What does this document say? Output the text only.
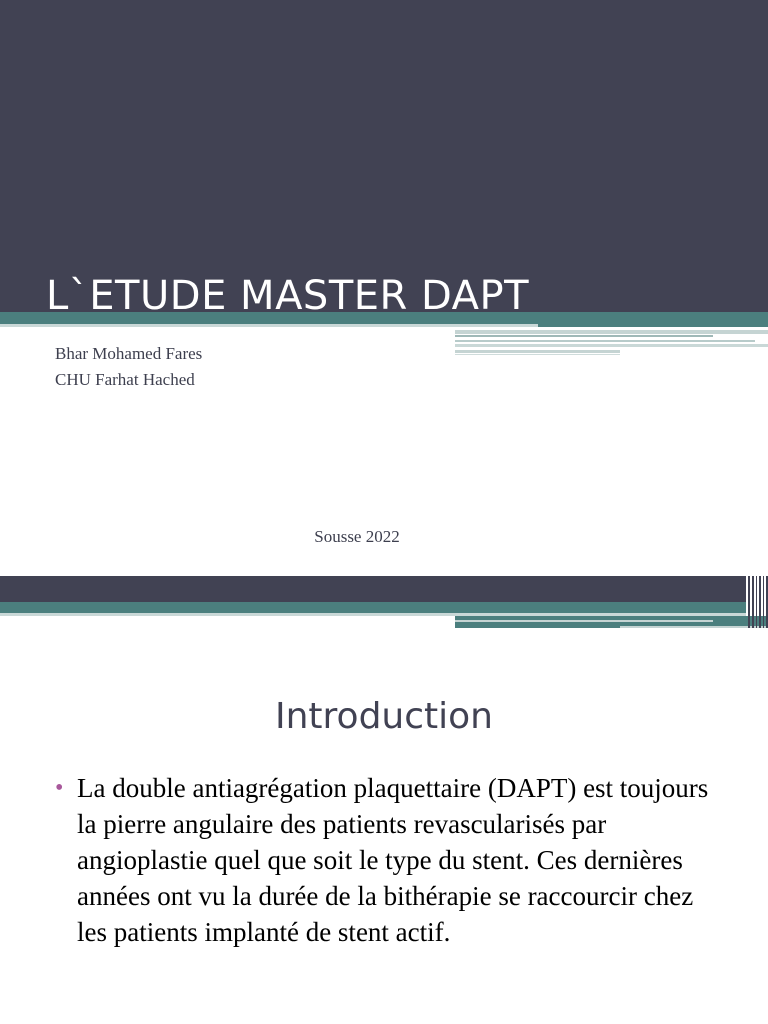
L`ETUDE MASTER DAPT
Bhar Mohamed Fares
CHU Farhat Hached
Sousse 2022
Introduction
• La double antiagrégation plaquettaire (DAPT) est toujours la pierre angulaire des patients revascularisés par angioplastie quel que soit le type du stent. Ces dernières années ont vu la durée de la bithérapie se raccourcir chez les patients implanté de stent actif.
